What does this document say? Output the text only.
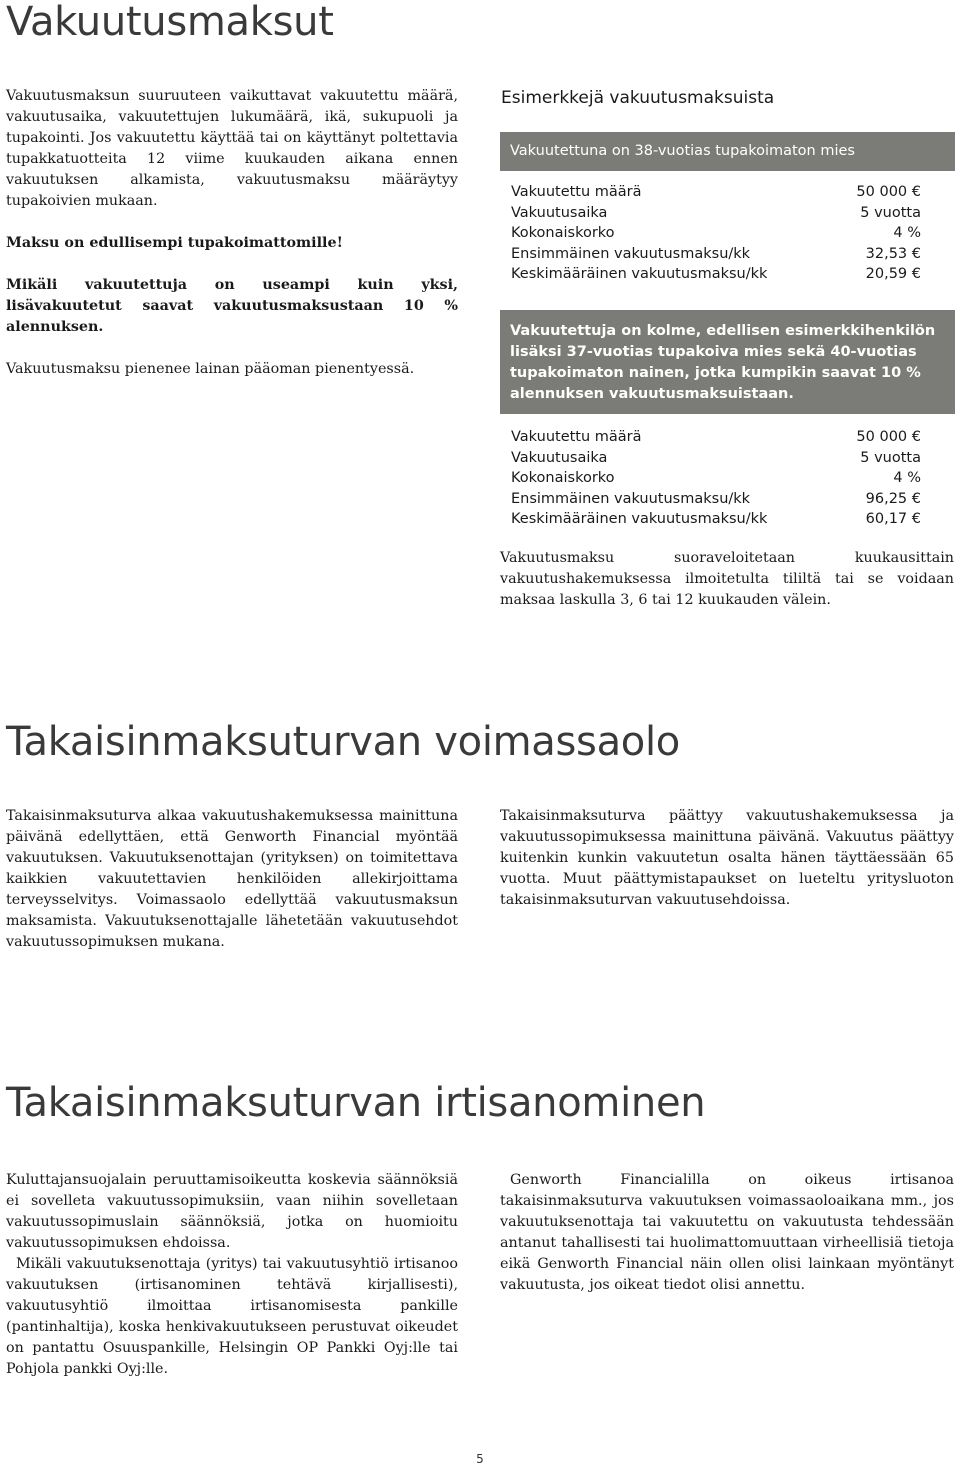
Vakuutusmaksut

Vakuutusmaksun suuruuteen vaikuttavat vakuutettu määrä, vakuutusaika, vakuutettujen lukumäärä, ikä, sukupuoli ja tupakointi. Jos vakuutettu käyttää tai on käyttänyt poltettavia tupakkatuotteita 12 viime kuukauden aikana ennen vakuutuksen alkamista, vakuutusmaksu määräytyy tupakoivien mukaan.

Maksu on edullisempi tupakoimattomille!

Mikäli vakuutettuja on useampi kuin yksi, lisävakuutetut saavat vakuutusmaksustaan 10 % alennuksen.

Vakuutusmaksu pienenee lainan pääoman pienentyessä.

Esimerkkejä vakuutusmaksuista
Vakuutettuna on 38-vuotias tupakoimaton mies
Vakuutettu määrä	50 000 €
Vakuutusaika	5 vuotta
Kokonaiskorko	4 %
Ensimmäinen vakuutusmaksu/kk	32,53 €
Keskimääräinen vakuutusmaksu/kk	20,59 €
Vakuutettuja on kolme, edellisen esimerkkihenkilön lisäksi 37-vuotias tupakoiva mies sekä 40-vuotias tupakoimaton nainen, jotka kumpikin saavat 10 % alennuksen vakuutusmaksuistaan.
Vakuutettu määrä	50 000 €
Vakuutusaika	5 vuotta
Kokonaiskorko	4 %
Ensimmäinen vakuutusmaksu/kk	96,25 €
Keskimääräinen vakuutusmaksu/kk	60,17 €

Vakuutusmaksu suoraveloitetaan kuukausittain vakuutushakemuksessa ilmoitetulta tililtä tai se voidaan maksaa laskulla 3, 6 tai 12 kuukauden välein.

Takaisinmaksuturvan voimassaolo

Takaisinmaksuturva alkaa vakuutushakemuksessa mainittuna päivänä edellyttäen, että Genworth Financial myöntää vakuutuksen. Vakuutuksenottajan (yrityksen) on toimitettava kaikkien vakuutettavien henkilöiden allekirjoittama terveysselvitys. Voimassaolo edellyttää vakuutusmaksun maksamista. Vakuutuksenottajalle lähetetään vakuutusehdot vakuutussopimuksen mukana.

Takaisinmaksuturva päättyy vakuutushakemuksessa ja vakuutussopimuksessa mainittuna päivänä. Vakuutus päättyy kuitenkin kunkin vakuutetun osalta hänen täyttäessään 65 vuotta. Muut päättymistapaukset on lueteltu yritysluoton takaisinmaksuturvan vakuutusehdoissa.

Takaisinmaksuturvan irtisanominen

Kuluttajansuojalain peruuttamisoikeutta koskevia säännöksiä ei sovelleta vakuutussopimuksiin, vaan niihin sovelletaan vakuutussopimuslain säännöksiä, jotka on huomioitu vakuutussopimuksen ehdoissa.

Mikäli vakuutuksenottaja (yritys) tai vakuutusyhtiö irtisanoo vakuutuksen (irtisanominen tehtävä kirjallisesti), vakuutusyhtiö ilmoittaa irtisanomisesta pankille (pantinhaltija), koska henkivakuutukseen perustuvat oikeudet on pantattu Osuuspankille, Helsingin OP Pankki Oyj:lle tai Pohjola pankki Oyj:lle.

Genworth Financialilla on oikeus irtisanoa takaisinmaksuturva vakuutuksen voimassaoloaikana mm., jos vakuutuksenottaja tai vakuutettu on vakuutusta tehdessään antanut tahallisesti tai huolimattomuuttaan virheellisiä tietoja eikä Genworth Financial näin ollen olisi lainkaan myöntänyt vakuutusta, jos oikeat tiedot olisi annettu.

5
